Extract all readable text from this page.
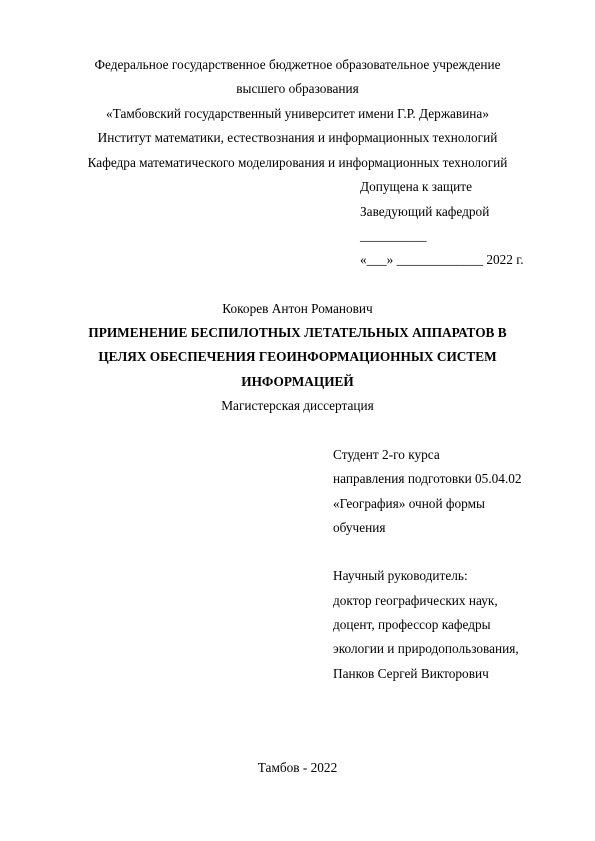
Федеральное государственное бюджетное образовательное учреждение
высшего образования
«Тамбовский государственный университет имени Г.Р. Державина»
Институт математики, естествознания и информационных технологий
Кафедра математического моделирования и информационных технологий
Допущена к защите
Заведующий кафедрой
__________
«___» _____________ 2022 г.
Кокорев Антон Романович
ПРИМЕНЕНИЕ БЕСПИЛОТНЫХ ЛЕТАТЕЛЬНЫХ АППАРАТОВ В
ЦЕЛЯХ ОБЕСПЕЧЕНИЯ ГЕОИНФОРМАЦИОННЫХ СИСТЕМ
ИНФОРМАЦИЕЙ
Магистерская диссертация
Студент 2-го курса
направления подготовки 05.04.02
«География» очной формы
обучения
Научный руководитель:
доктор географических наук,
доцент, профессор кафедры
экологии и природопользования,
Панков Сергей Викторович
Тамбов - 2022
